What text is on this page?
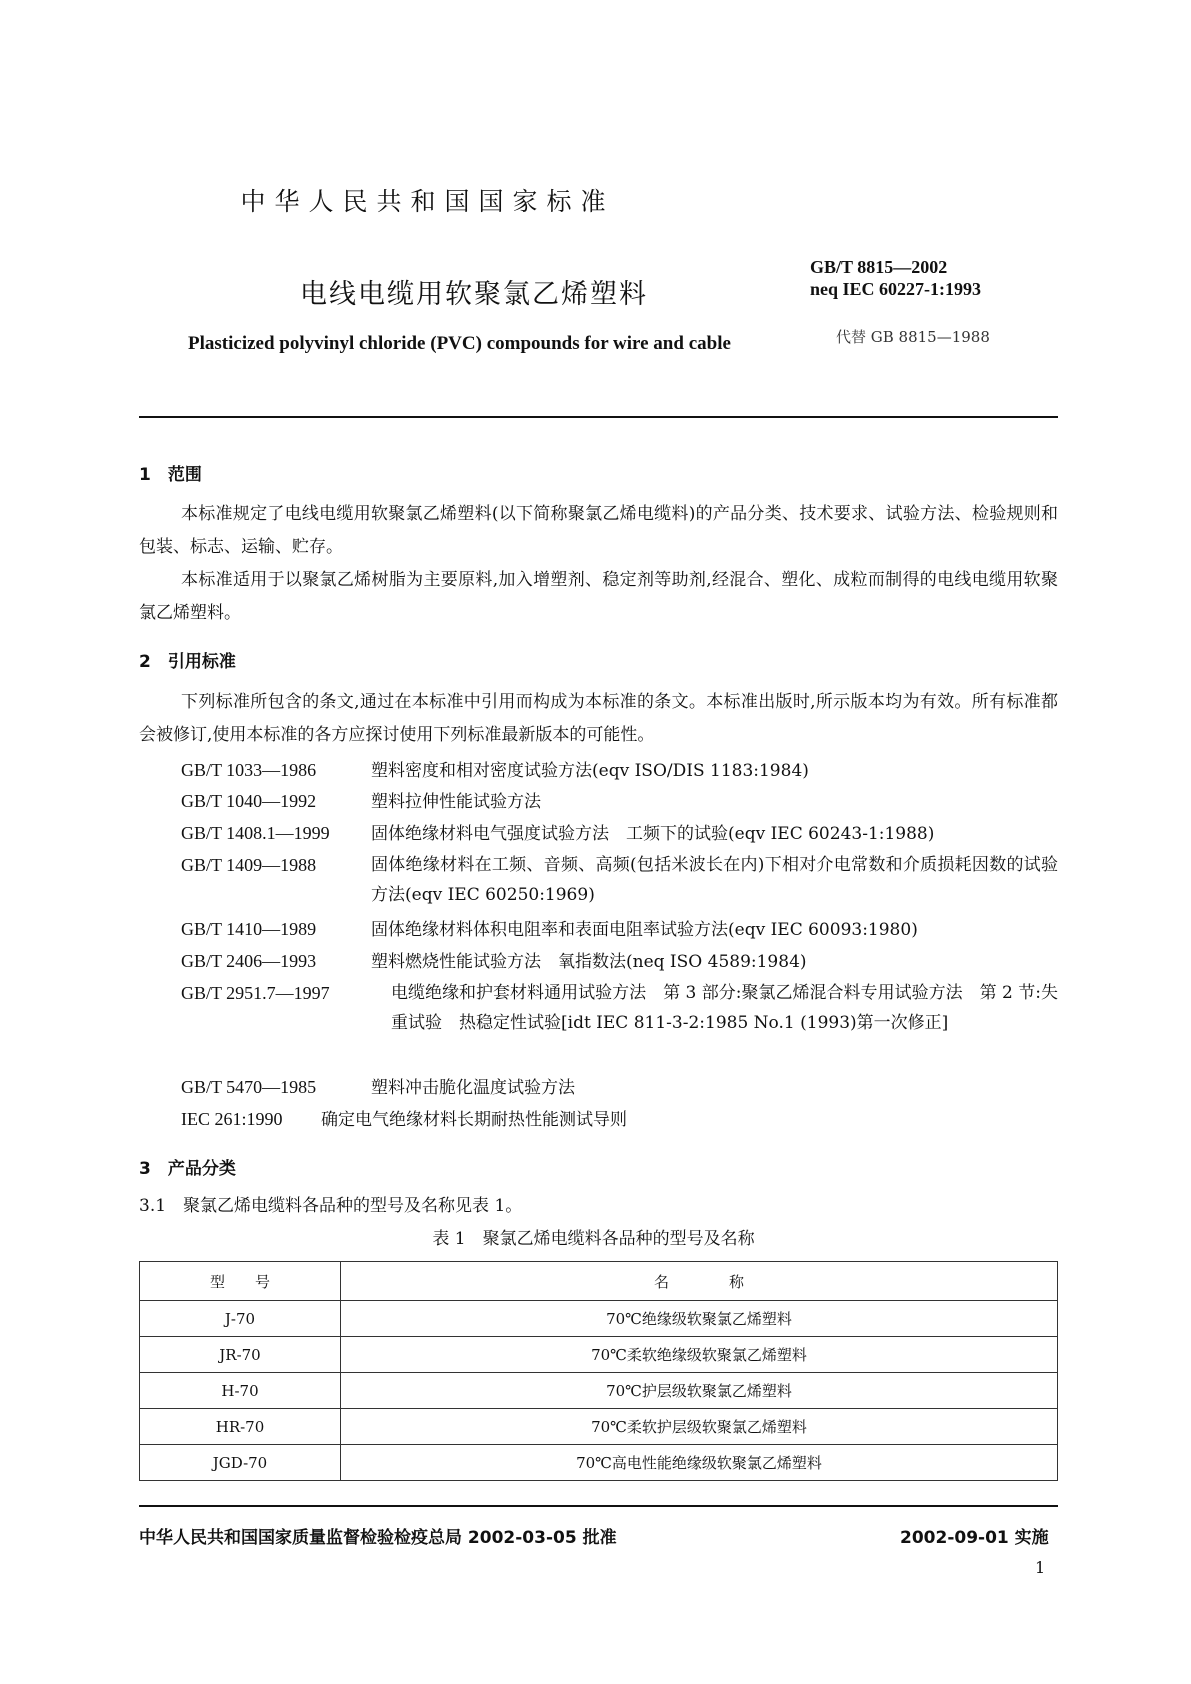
中华人民共和国国家标准
电线电缆用软聚氯乙烯塑料
GB/T 8815—2002
neq IEC 60227-1:1993
Plasticized polyvinyl chloride (PVC) compounds for wire and cable	代替 GB 8815—1988
1　范围
本标准规定了电线电缆用软聚氯乙烯塑料(以下简称聚氯乙烯电缆料)的产品分类、技术要求、试验方法、检验规则和包装、标志、运输、贮存。
本标准适用于以聚氯乙烯树脂为主要原料,加入增塑剂、稳定剂等助剂,经混合、塑化、成粒而制得的电线电缆用软聚氯乙烯塑料。
2　引用标准
下列标准所包含的条文,通过在本标准中引用而构成为本标准的条文。本标准出版时,所示版本均为有效。所有标准都会被修订,使用本标准的各方应探讨使用下列标准最新版本的可能性。
GB/T 1033—1986	塑料密度和相对密度试验方法(eqv ISO/DIS 1183:1984)
GB/T 1040—1992	塑料拉伸性能试验方法
GB/T 1408.1—1999 固体绝缘材料电气强度试验方法　工频下的试验(eqv IEC 60243-1:1988)
GB/T 1409—1988	固体绝缘材料在工频、音频、高频(包括米波长在内)下相对介电常数和介质损耗因数的试验方法(eqv IEC 60250:1969)
GB/T 1410—1989	固体绝缘材料体积电阻率和表面电阻率试验方法(eqv IEC 60093:1980)
GB/T 2406—1993	塑料燃烧性能试验方法　氧指数法(neq ISO 4589:1984)
GB/T 2951.7—1997	电缆绝缘和护套材料通用试验方法　第 3 部分:聚氯乙烯混合料专用试验方法　第 2 节:失重试验　热稳定性试验[idt IEC 811-3-2:1985 No.1 (1993)第一次修正]
GB/T 5470—1985	塑料冲击脆化温度试验方法
IEC 261:1990 确定电气绝缘材料长期耐热性能测试导则
3　产品分类
3.1　聚氯乙烯电缆料各品种的型号及名称见表 1。
表 1　聚氯乙烯电缆料各品种的型号及名称
型　　号	名　　　　称
J-70	70℃绝缘级软聚氯乙烯塑料
JR-70	70℃柔软绝缘级软聚氯乙烯塑料
H-70	70℃护层级软聚氯乙烯塑料
HR-70	70℃柔软护层级软聚氯乙烯塑料
JGD-70	70℃高电性能绝缘级软聚氯乙烯塑料
中华人民共和国国家质量监督检验检疫总局 2002-03-05 批准	2002-09-01 实施
1
